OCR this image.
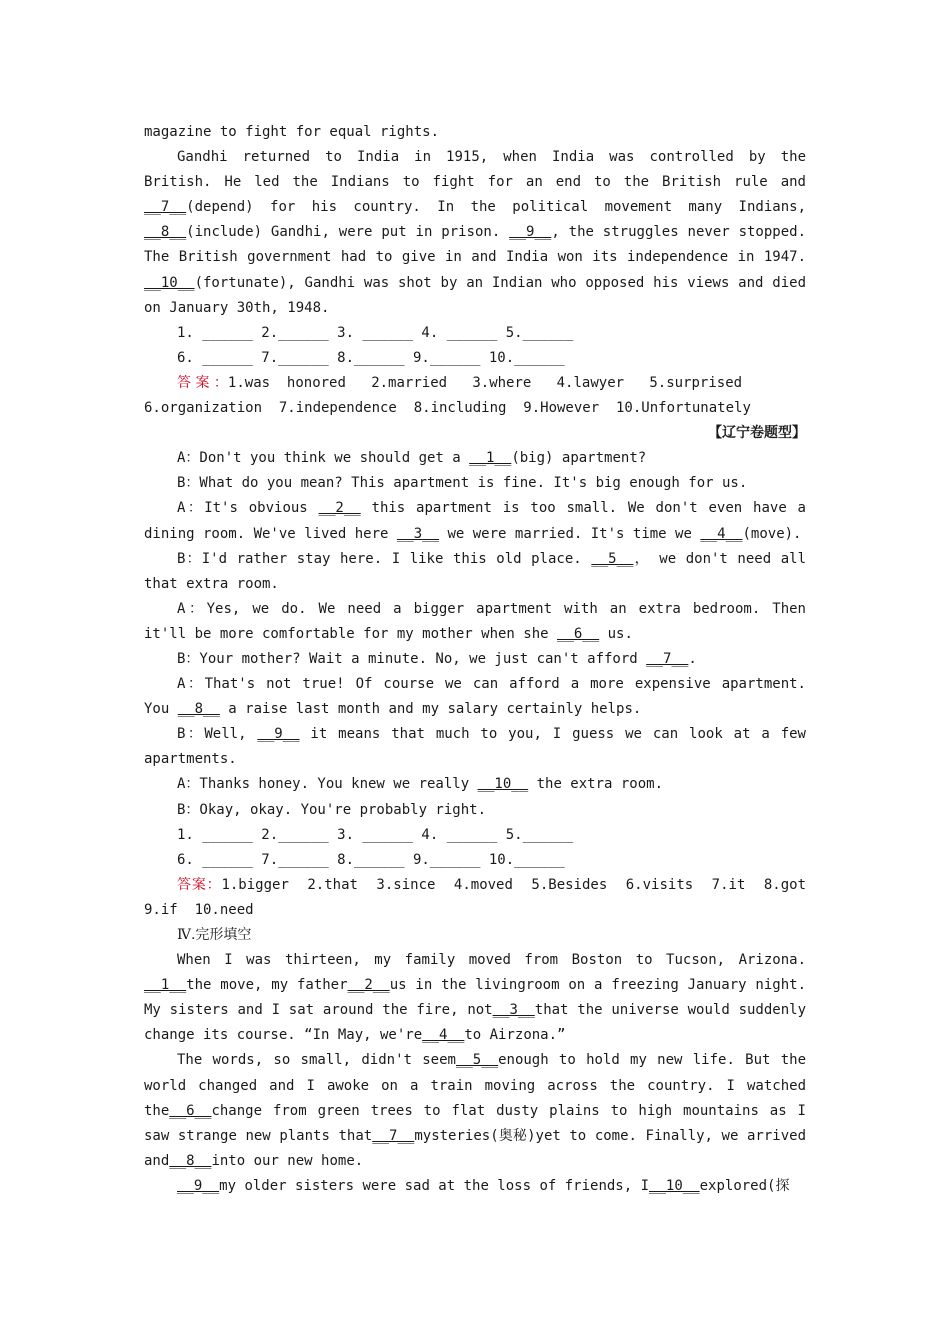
magazine to fight for equal rights.
Gandhi returned to India in 1915, when India was controlled by the British. He led the Indians to fight for an end to the British rule and __7__(depend) for his country. In the political movement many Indians, __8__(include) Gandhi, were put in prison. __9__, the struggles never stopped. The British government had to give in and India won its independence in 1947. __10__(fortunate), Gandhi was shot by an Indian who opposed his views and died on January 30th, 1948.
1. ______ 2.______ 3. ______ 4. ______ 5.______
6. ______ 7.______ 8.______ 9.______ 10.______
答 案 ：1.was  honored   2.married   3.where   4.lawyer   5.surprised
6.organization  7.independence  8.including  9.However  10.Unfortunately
【辽宁卷题型】
A：Don't you think we should get a __1__(big) apartment?
B：What do you mean? This apartment is fine. It's big enough for us.
A：It's obvious __2__ this apartment is too small. We don't even have a dining room. We've lived here __3__ we were married. It's time we __4__(move).
B：I'd rather stay here. I like this old place. __5__， we don't need all that extra room.
A：Yes, we do. We need a bigger apartment with an extra bedroom. Then it'll be more comfortable for my mother when she __6__ us.
B：Your mother? Wait a minute. No, we just can't afford __7__.
A：That's not true! Of course we can afford a more expensive apartment. You __8__ a raise last month and my salary certainly helps.
B：Well, __9__ it means that much to you, I guess we can look at a few apartments.
A：Thanks honey. You knew we really __10__ the extra room.
B：Okay, okay. You're probably right.
1. ______ 2.______ 3. ______ 4. ______ 5.______
6. ______ 7.______ 8.______ 9.______ 10.______
答案：1.bigger  2.that  3.since  4.moved  5.Besides  6.visits  7.it  8.got 9.if  10.need
Ⅳ.完形填空
When I was thirteen, my family moved from Boston to Tucson, Arizona. __1__the move, my father__2__us in the livingroom on a freezing January night. My sisters and I sat around the fire, not__3__that the universe would suddenly change its course. “In May, we're__4__to Airzona.”
The words, so small, didn't seem__5__enough to hold my new life. But the world changed and I awoke on a train moving across the country. I watched the__6__change from green trees to flat dusty plains to high mountains as I saw strange new plants that__7__mysteries(奥秘)yet to come. Finally, we arrived and__8__into our new home.
__9__my older sisters were sad at the loss of friends, I__10__explored(探
